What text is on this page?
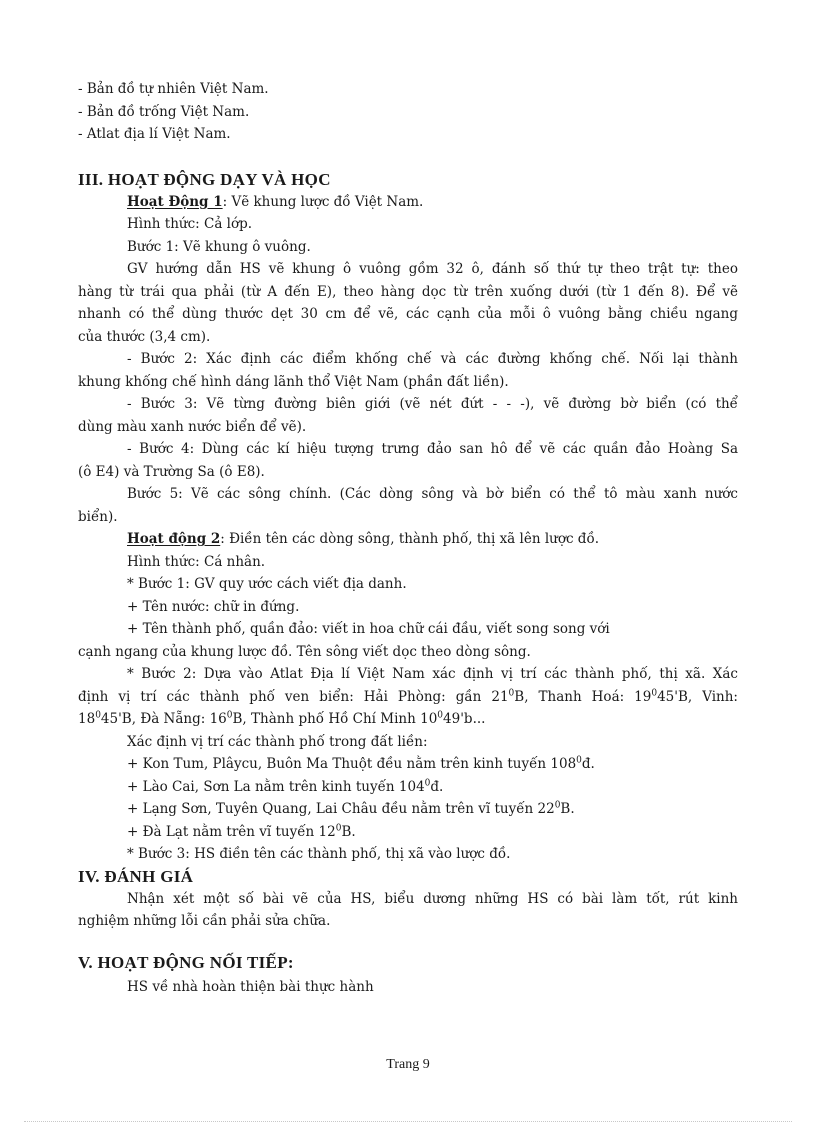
- Bản đồ tự nhiên Việt Nam.
- Bản đồ trống Việt Nam.
- Atlat địa lí Việt Nam.
III. HOẠT ĐỘNG DẠY VÀ HỌC
Hoạt Động 1: Vẽ khung lược đồ Việt Nam.
Hình thức: Cả lớp.
Bước 1: Vẽ khung ô vuông.
GV hướng dẫn HS vẽ khung ô vuông gồm 32 ô, đánh số thứ tự theo trật tự: theo
hàng từ trái qua phải (từ A đến E), theo hàng dọc từ trên xuống dưới (từ 1 đến 8). Để vẽ
nhanh có thể dùng thước dẹt 30 cm để vẽ, các cạnh của mỗi ô vuông bằng chiều ngang
của thước (3,4 cm).
- Bước 2: Xác định các điểm khống chế và các đường khống chế. Nối lại thành
khung khống chế hình dáng lãnh thổ Việt Nam (phần đất liền).
- Bước 3: Vẽ từng đường biên giới (vẽ nét đứt - - -), vẽ đường bờ biển (có thể
dùng màu xanh nước biển để vẽ).
- Bước 4: Dùng các kí hiệu tượng trưng đảo san hô để vẽ các quần đảo Hoàng Sa
(ô E4) và Trường Sa (ô E8).
Bước 5: Vẽ các sông chính. (Các dòng sông và bờ biển có thể tô màu xanh nước
biển).
Hoạt động 2: Điền tên các dòng sông, thành phố, thị xã lên lược đồ.
Hình thức: Cá nhân.
* Bước 1: GV quy ước cách viết địa danh.
+ Tên nước: chữ in đứng.
+ Tên thành phố, quần đảo: viết in hoa chữ cái đầu, viết song song với
cạnh ngang của khung lược đồ. Tên sông viết dọc theo dòng sông.
* Bước 2: Dựa vào Atlat Địa lí Việt Nam xác định vị trí các thành phố, thị xã. Xác
định vị trí các thành phố ven biển: Hải Phòng: gần $21^0B$, Thanh Hoá: $19^045'B$, Vinh:
$18^045'B$, Đà Nẵng: $16^0B$, Thành phố Hồ Chí Minh $10^049'b$...
Xác định vị trí các thành phố trong đất liền:
+ Kon Tum, Plâycu, Buôn Ma Thuột đều nằm trên kinh tuyến $108^0đ$.
+ Lào Cai, Sơn La nằm trên kinh tuyến $104^0đ$.
+ Lạng Sơn, Tuyên Quang, Lai Châu đều nằm trên vĩ tuyến $22^0B$.
+ Đà Lạt nằm trên vĩ tuyến $12^0B$.
* Bước 3: HS điền tên các thành phố, thị xã vào lược đồ.
IV. ĐÁNH GIÁ
Nhận xét một số bài vẽ của HS, biểu dương những HS có bài làm tốt, rút kinh
nghiệm những lỗi cần phải sửa chữa.
V. HOẠT ĐỘNG NỐI TIẾP:
HS về nhà hoàn thiện bài thực hành
Trang 9
